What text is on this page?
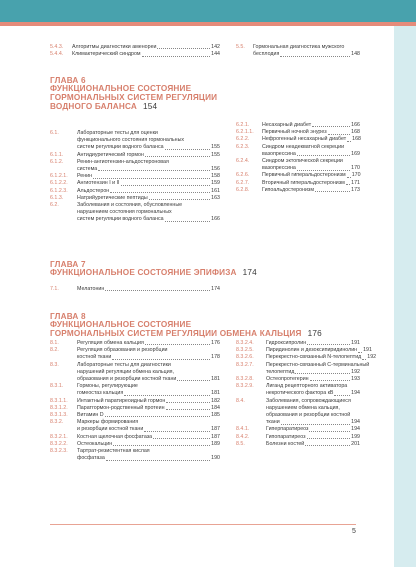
5.4.3.	Алгоритмы диагностики аменореи	142
5.4.4.	Климактерический синдром	144
5.5.	Гормональная диагностика мужского
бесплодия	148
ГЛАВА 6
ФУНКЦИОНАЛЬНОЕ СОСТОЯНИЕ
ГОРМОНАЛЬНЫХ СИСТЕМ РЕГУЛЯЦИИ
ВОДНОГО БАЛАНСА 154
6.1.	Лабораторные тесты для оценки
функционального состояния гормональных
систем регуляции водного баланса	155
6.1.1.	Антидиуретический гормон	155
6.1.2.	Ренин-ангиотензин-альдостероновая
система	156
6.1.2.1.	Ренин	158
6.1.2.2.	Ангиотензин I и II	159
6.1.2.3.	Альдостерон	161
6.1.3.	Натрийуретические пептиды	163
6.2.	Заболевания и состояния, обусловленные
нарушением состояния гормональных
систем регуляции водного баланса	166
6.2.1.	Несахарный диабет	166
6.2.1.1.	Первичный ночной энурез	168
6.2.2.	Нефрогенный несахарный диабет 168
6.2.3.	Синдром неадекватной секреции
вазопрессина	169
6.2.4.	Синдром эктопической секреции
вазопрессина	170
6.2.6.	Первичный гиперальдостеронизм 170
6.2.7.	Вторичный гиперальдостеронизм 171
6.2.8.	Гипоальдостеронизм	173
ГЛАВА 7
ФУНКЦИОНАЛЬНОЕ СОСТОЯНИЕ ЭПИФИЗА 174
7.1.	Мелатонин	174
ГЛАВА 8
ФУНКЦИОНАЛЬНОЕ СОСТОЯНИЕ
ГОРМОНАЛЬНЫХ СИСТЕМ РЕГУЛЯЦИИ ОБМЕНА КАЛЬЦИЯ 176
8.1.	Регуляция обмена кальция	176
8.2.	Регуляция образования и резорбции
костной ткани	178
8.3.	Лабораторные тесты для диагностики
нарушений регуляции обмена кальция,
образования и резорбции костной ткани	181
8.3.1.	Гормоны, регулирующие
гомеостаз кальция	181
8.3.1.1.	Интактный паратиреоидный гормон	182
8.3.1.2.	Паратгормон-родственный протеин	184
8.3.1.3.	Витамин D	185
8.3.2.	Маркеры формирования
и резорбции костной ткани	187
8.3.2.1.	Костная щелочная фосфатаза	187
8.3.2.2.	Остеокальцин	189
8.3.2.3.	Тартрат-резистентная кислая
фосфатаза	190
8.3.2.4.	Гидроксипролин	191
8.3.2.5.	Пиридинолин и дезоксипиридинолин 191
8.3.2.6.	Перекрестно-связанный N-телопептид 192
8.3.2.7.	Перекрестно-связанный С-терминальный
телопептид	192
8.3.2.8.	Остеопротегерин	193
8.3.2.9.	Лиганд рецепторного активатора
некротического фактора кВ	194
8.4.	Заболевания, сопровождающиеся
нарушением обмена кальция,
образования и резорбции костной
ткани	194
8.4.1.	Гиперпаратиреоз	194
8.4.2.	Гипопаратиреоз	199
8.5.	Болезни костей	201
5
